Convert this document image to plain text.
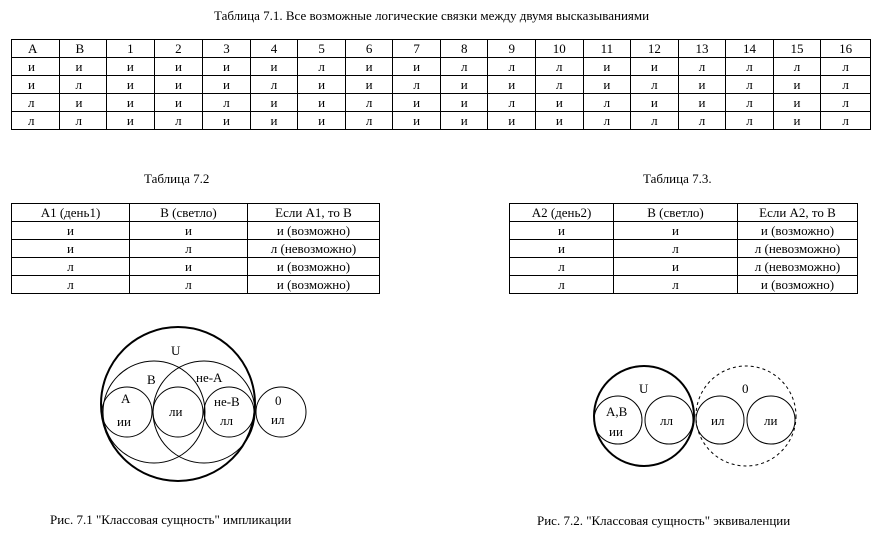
Таблица 7.1. Все возможные логические связки между двумя высказываниями
A	B	1	2	3	4	5	6	7	8	9	10	11	12	13	14	15	16
и	и	и	и	и	и	л	и	и	л	л	л	и	и	л	л	л	л
и	л	и	и	и	л	и	и	л	и	и	л	и	л	и	л	и	л
л	и	и	и	л	и	и	л	и	и	л	и	л	и	и	л	и	л
л	л	и	л	и	и	и	л	и	и	и	и	л	л	л	л	и	л
Таблица 7.2
A1 (день1)	B (светло)	Если A1, то B
и	и	и (возможно)
и	л	л (невозможно)
л	и	и (возможно)
л	л	и (возможно)
Таблица 7.3.
A2 (день2)	B (светло)	Если A2, то B
и	и	и (возможно)
и	л	л (невозможно)
л	и	л (невозможно)
л	л	и (возможно)
U
B	не-A
A
ии
ли
не-B
лл
0
ил
U
A,B
ии
лл
0
ил	ли
Рис. 7.1 "Классовая сущность" импликации	Рис. 7.2. "Классовая сущность" эквиваленции
